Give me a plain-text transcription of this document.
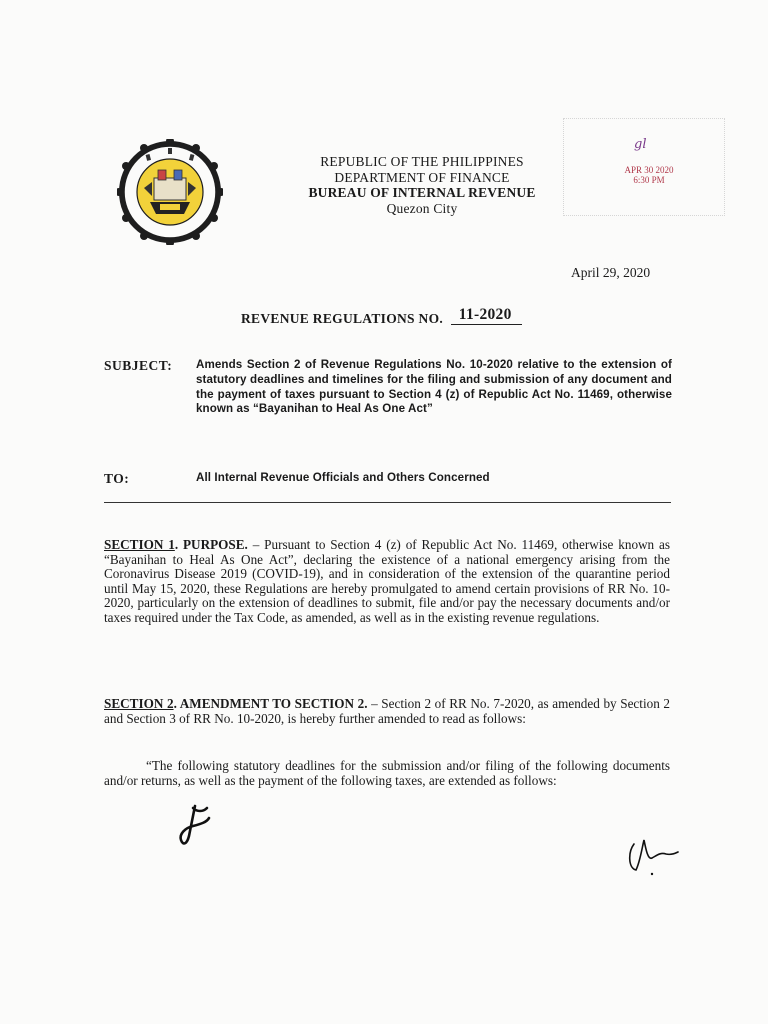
REPUBLIC OF THE PHILIPPINES
DEPARTMENT OF FINANCE
BUREAU OF INTERNAL REVENUE
Quezon City
gl
APR 30 2020
6:30 PM
April 29, 2020
REVENUE REGULATIONS NO. 11-2020
SUBJECT: Amends Section 2 of Revenue Regulations No. 10-2020 relative to the extension of statutory deadlines and timelines for the filing and submission of any document and the payment of taxes pursuant to Section 4 (z) of Republic Act No. 11469, otherwise known as “Bayanihan to Heal As One Act”
TO:	All Internal Revenue Officials and Others Concerned
SECTION 1. PURPOSE. – Pursuant to Section 4 (z) of Republic Act No. 11469, otherwise known as “Bayanihan to Heal As One Act”, declaring the existence of a national emergency arising from the Coronavirus Disease 2019 (COVID-19), and in consideration of the extension of the quarantine period until May 15, 2020, these Regulations are hereby promulgated to amend certain provisions of RR No. 10-2020, particularly on the extension of deadlines to submit, file and/or pay the necessary documents and/or taxes required under the Tax Code, as amended, as well as in the existing revenue regulations.
SECTION 2. AMENDMENT TO SECTION 2. – Section 2 of RR No. 7-2020, as amended by Section 2 and Section 3 of RR No. 10-2020, is hereby further amended to read as follows:
“The following statutory deadlines for the submission and/or filing of the following documents and/or returns, as well as the payment of the following taxes, are extended as follows:
